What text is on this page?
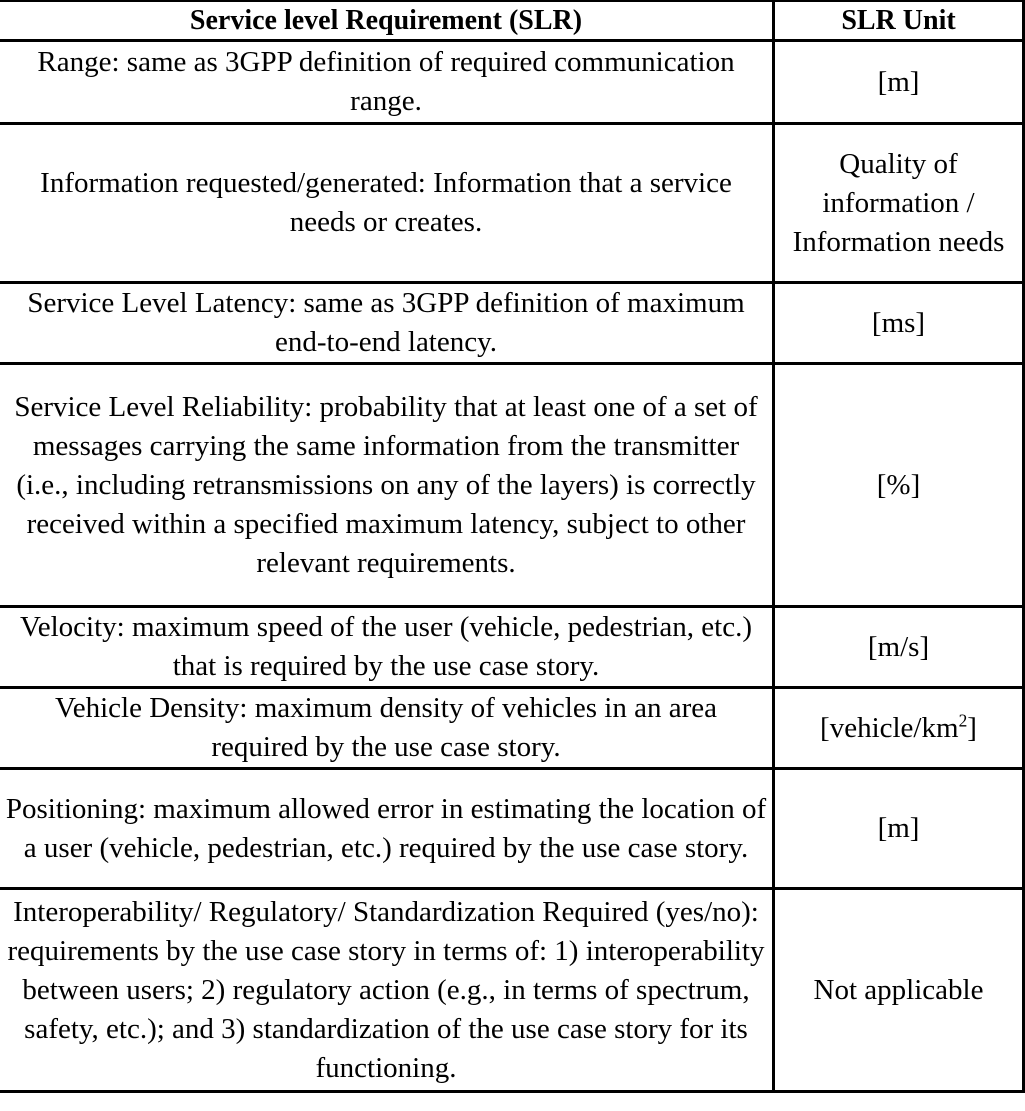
Service level Requirement (SLR)	SLR Unit
Range: same as 3GPP definition of required communication range.	[m]
Information requested/generated: Information that a service needs or creates.	Quality of information / Information needs
Service Level Latency: same as 3GPP definition of maximum end-to-end latency.	[ms]
Service Level Reliability: probability that at least one of a set of messages carrying the same information from the transmitter (i.e., including retransmissions on any of the layers) is correctly received within a specified maximum latency, subject to other relevant requirements.	[%]
Velocity: maximum speed of the user (vehicle, pedestrian, etc.) that is required by the use case story.	[m/s]
Vehicle Density: maximum density of vehicles in an area required by the use case story.	$[vehicle/km^2]$
Positioning: maximum allowed error in estimating the location of a user (vehicle, pedestrian, etc.) required by the use case story.	[m]
Interoperability/ Regulatory/ Standardization Required (yes/no): requirements by the use case story in terms of: 1) interoperability between users; 2) regulatory action (e.g., in terms of spectrum, safety, etc.); and 3) standardization of the use case story for its functioning.	Not applicable
